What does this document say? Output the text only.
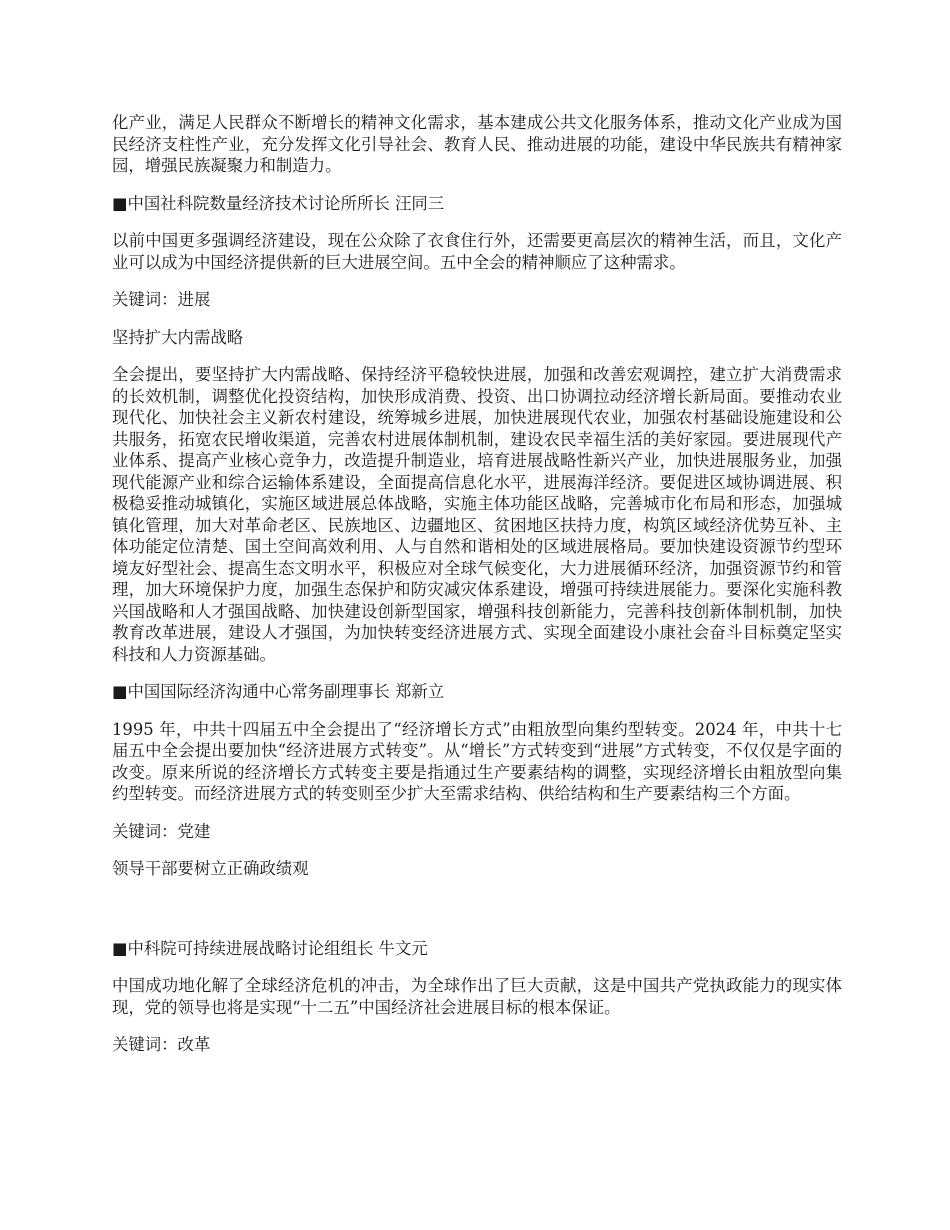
化产业，满足人民群众不断增长的精神文化需求，基本建成公共文化服务体系，推动文化产业成为国民经济支柱性产业，充分发挥文化引导社会、教育人民、推动进展的功能，建设中华民族共有精神家园，增强民族凝聚力和制造力。

■中国社科院数量经济技术讨论所所长 汪同三

以前中国更多强调经济建设，现在公众除了衣食住行外，还需要更高层次的精神生活，而且，文化产业可以成为中国经济提供新的巨大进展空间。五中全会的精神顺应了这种需求。

关键词：进展

坚持扩大内需战略

全会提出，要坚持扩大内需战略、保持经济平稳较快进展，加强和改善宏观调控，建立扩大消费需求的长效机制，调整优化投资结构，加快形成消费、投资、出口协调拉动经济增长新局面。要推动农业现代化、加快社会主义新农村建设，统筹城乡进展，加快进展现代农业，加强农村基础设施建设和公共服务，拓宽农民增收渠道，完善农村进展体制机制，建设农民幸福生活的美好家园。要进展现代产业体系、提高产业核心竞争力，改造提升制造业，培育进展战略性新兴产业，加快进展服务业，加强现代能源产业和综合运输体系建设，全面提高信息化水平，进展海洋经济。要促进区域协调进展、积极稳妥推动城镇化，实施区域进展总体战略，实施主体功能区战略，完善城市化布局和形态，加强城镇化管理，加大对革命老区、民族地区、边疆地区、贫困地区扶持力度，构筑区域经济优势互补、主体功能定位清楚、国土空间高效利用、人与自然和谐相处的区域进展格局。要加快建设资源节约型环境友好型社会、提高生态文明水平，积极应对全球气候变化，大力进展循环经济，加强资源节约和管理，加大环境保护力度，加强生态保护和防灾减灾体系建设，增强可持续进展能力。要深化实施科教兴国战略和人才强国战略、加快建设创新型国家，增强科技创新能力，完善科技创新体制机制，加快教育改革进展，建设人才强国，为加快转变经济进展方式、实现全面建设小康社会奋斗目标奠定坚实科技和人力资源基础。

■中国国际经济沟通中心常务副理事长 郑新立

1995 年，中共十四届五中全会提出了“经济增长方式”由粗放型向集约型转变。2024 年，中共十七届五中全会提出要加快“经济进展方式转变”。从“增长”方式转变到“进展”方式转变，不仅仅是字面的改变。原来所说的经济增长方式转变主要是指通过生产要素结构的调整，实现经济增长由粗放型向集约型转变。而经济进展方式的转变则至少扩大至需求结构、供给结构和生产要素结构三个方面。

关键词：党建

领导干部要树立正确政绩观

■中科院可持续进展战略讨论组组长 牛文元

中国成功地化解了全球经济危机的冲击，为全球作出了巨大贡献，这是中国共产党执政能力的现实体现，党的领导也将是实现“十二五”中国经济社会进展目标的根本保证。

关键词：改革
